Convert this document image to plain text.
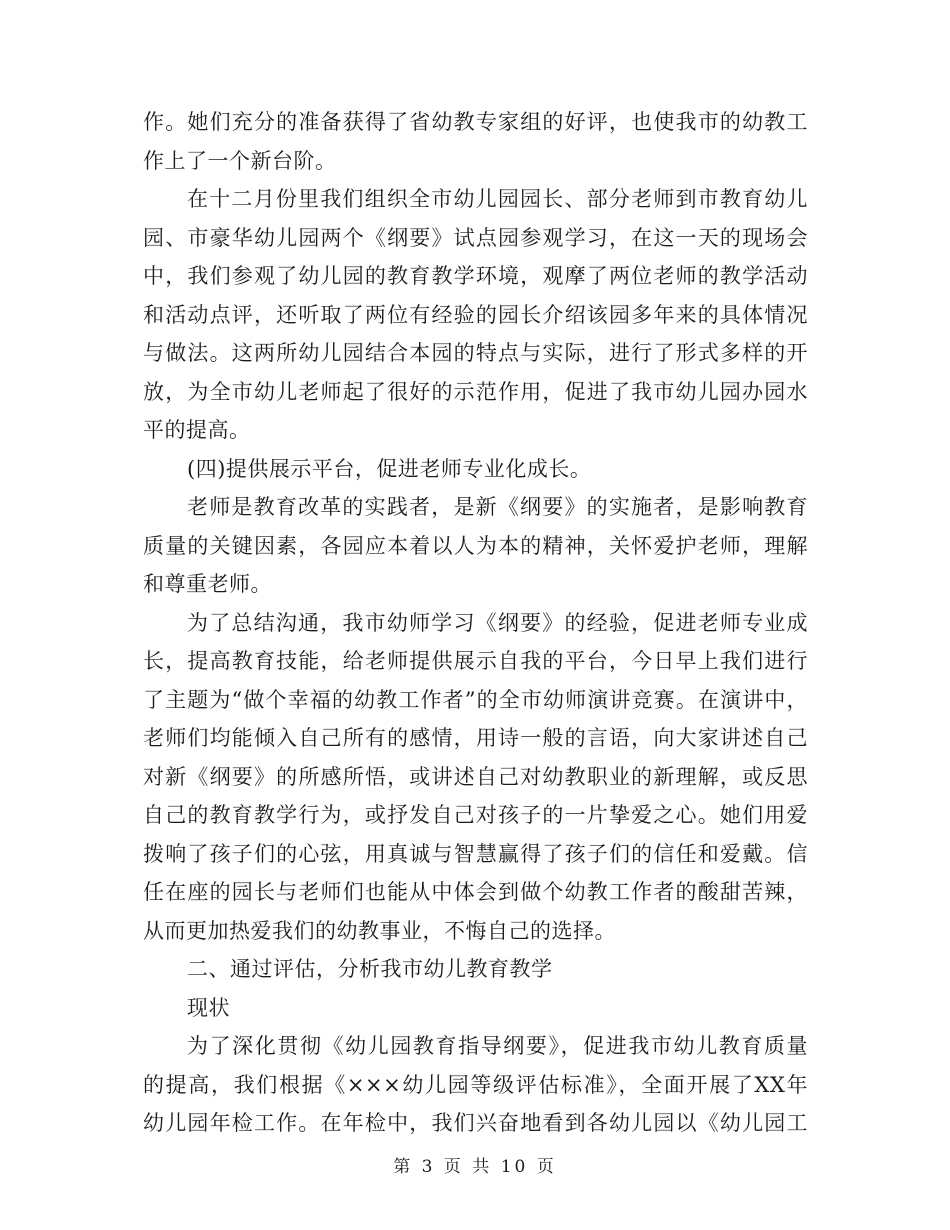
作。她们充分的准备获得了省幼教专家组的好评，也使我市的幼教工
作上了一个新台阶。
在十二月份里我们组织全市幼儿园园长、部分老师到市教育幼儿
园、市豪华幼儿园两个《纲要》试点园参观学习，在这一天的现场会
中，我们参观了幼儿园的教育教学环境，观摩了两位老师的教学活动
和活动点评，还听取了两位有经验的园长介绍该园多年来的具体情况
与做法。这两所幼儿园结合本园的特点与实际，进行了形式多样的开
放，为全市幼儿老师起了很好的示范作用，促进了我市幼儿园办园水
平的提高。
(四)提供展示平台，促进老师专业化成长。
老师是教育改革的实践者，是新《纲要》的实施者，是影响教育
质量的关键因素，各园应本着以人为本的精神，关怀爱护老师，理解
和尊重老师。
为了总结沟通，我市幼师学习《纲要》的经验，促进老师专业成
长，提高教育技能，给老师提供展示自我的平台，今日早上我们进行
了主题为“做个幸福的幼教工作者”的全市幼师演讲竞赛。在演讲中，
老师们均能倾入自己所有的感情，用诗一般的言语，向大家讲述自己
对新《纲要》的所感所悟，或讲述自己对幼教职业的新理解，或反思
自己的教育教学行为，或抒发自己对孩子的一片挚爱之心。她们用爱
拨响了孩子们的心弦，用真诚与智慧赢得了孩子们的信任和爱戴。信
任在座的园长与老师们也能从中体会到做个幼教工作者的酸甜苦辣，
从而更加热爱我们的幼教事业，不悔自己的选择。
二、通过评估，分析我市幼儿教育教学
现状
为了深化贯彻《幼儿园教育指导纲要》，促进我市幼儿教育质量
的提高，我们根据《×××幼儿园等级评估标准》，全面开展了XX年
幼儿园年检工作。在年检中，我们兴奋地看到各幼儿园以《幼儿园工
第 3 页 共 10 页
